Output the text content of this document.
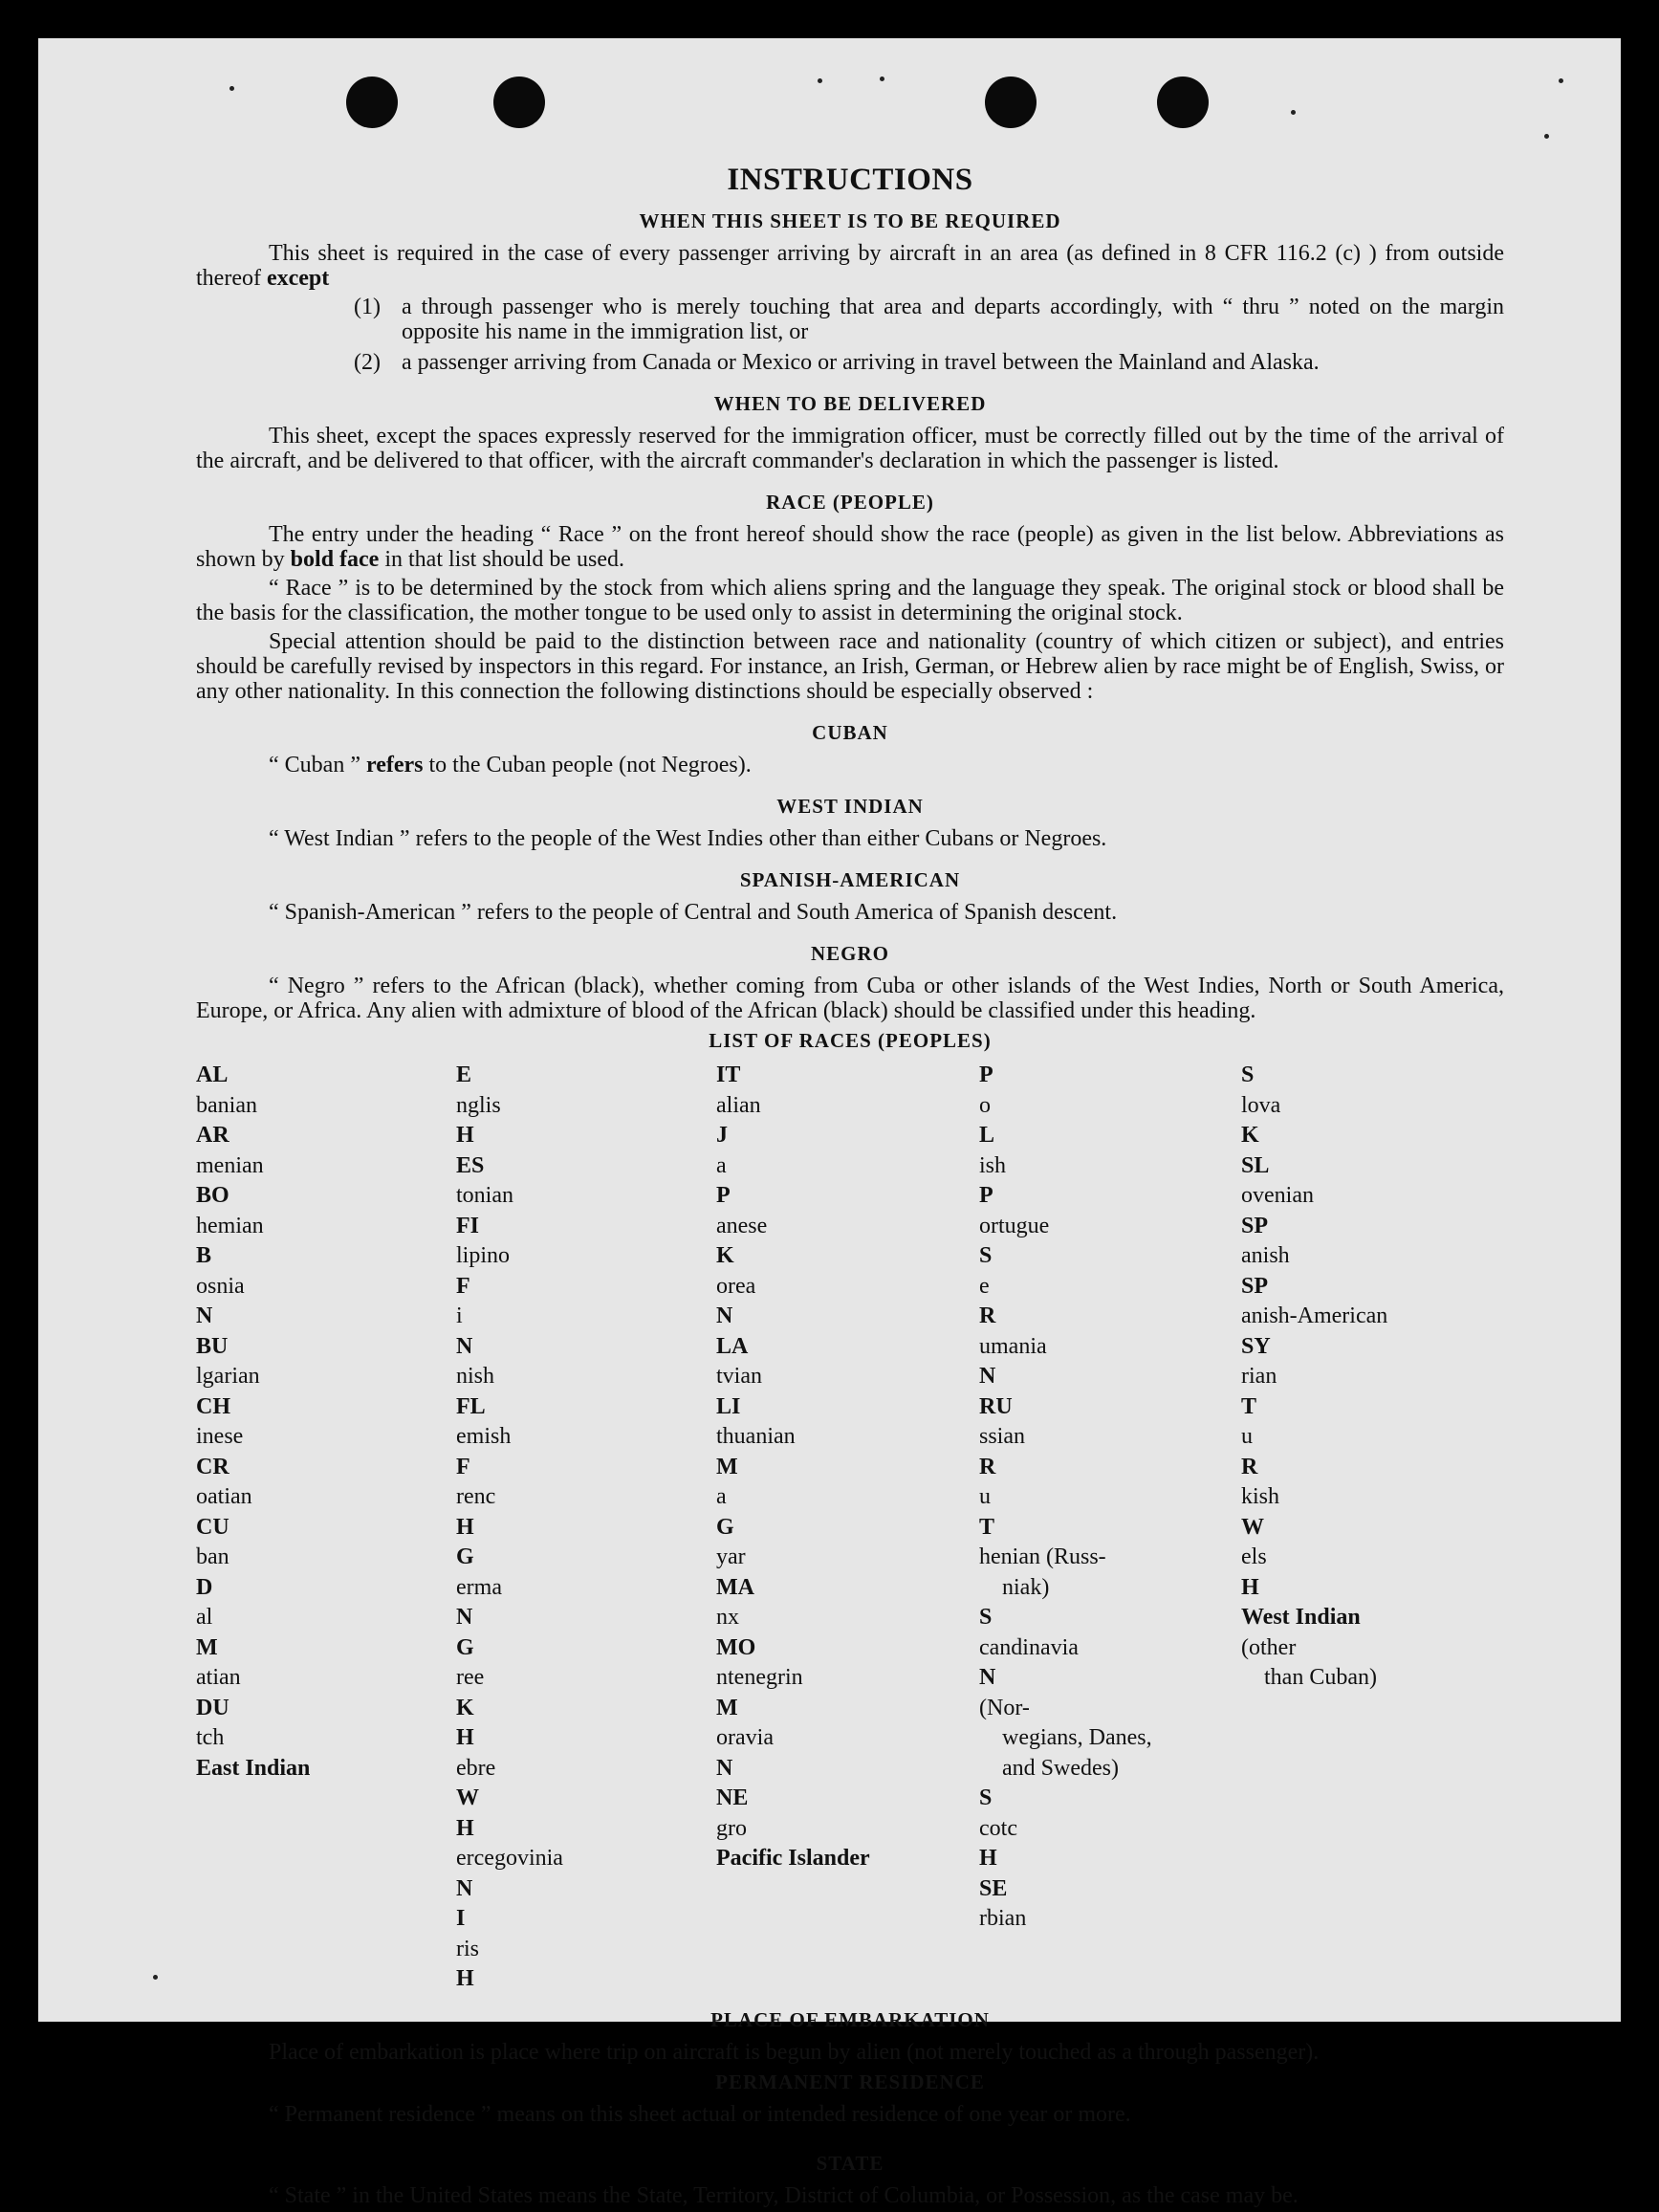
INSTRUCTIONS
WHEN THIS SHEET IS TO BE REQUIRED

This sheet is required in the case of every passenger arriving by aircraft in an area (as defined in 8 CFR 116.2 (c) ) from outside thereof except

(1) a through passenger who is merely touching that area and departs accordingly, with “ thru ” noted on the margin opposite his name in the immigration list, or
(2) a passenger arriving from Canada or Mexico or arriving in travel between the Mainland and Alaska.
WHEN TO BE DELIVERED

This sheet, except the spaces expressly reserved for the immigration officer, must be correctly filled out by the time of the arrival of the aircraft, and be delivered to that officer, with the aircraft commander's declaration in which the passenger is listed.

RACE (PEOPLE)

The entry under the heading “ Race ” on the front hereof should show the race (people) as given in the list below. Abbreviations as shown by bold face in that list should be used.

“ Race ” is to be determined by the stock from which aliens spring and the language they speak. The original stock or blood shall be the basis for the classification, the mother tongue to be used only to assist in determining the original stock.

Special attention should be paid to the distinction between race and nationality (country of which citizen or subject), and entries should be carefully revised by inspectors in this regard. For instance, an Irish, German, or Hebrew alien by race might be of English, Swiss, or any other nationality. In this connection the following distinctions should be especially observed :

CUBAN
“ Cuban ” refers to the Cuban people (not Negroes).
WEST INDIAN
“ West Indian ” refers to the people of the West Indies other than either Cubans or Negroes.
SPANISH-AMERICAN
“ Spanish-American ” refers to the people of Central and South America of Spanish descent.
NEGRO

“ Negro ” refers to the African (black), whether coming from Cuba or other islands of the West Indies, North or South America, Europe, or Africa. Any alien with admixture of blood of the African (black) should be classified under this heading.

LIST OF RACES (PEOPLES)
AL
banian
AR
menian
BO
hemian
B
osnia
N
BU
lgarian
CH
inese
CR
oatian
CU
ban
D
al
M
atian
DU
tch
East Indian
E
nglis
H
ES
tonian
FI
lipino
F
i
N
nish
FL
emish
F
renc
H
G
erma
N
G
ree
K
H
ebre
W
H
ercegovinia
N
I
ris
H
IT
alian
J
a
P
anese
K
orea
N
LA
tvian
LI
thuanian
M
a
G
yar
MA
nx
MO
ntenegrin
M
oravia
N
NE
gro
Pacific Islander
P
o
L
ish
P
ortugue
S
e
R
umania
N
RU
ssian
R
u
T
henian (Russ-
niak)
S
candinavia
N
(Nor-
wegians, Danes,
and Swedes)
S
cotc
H
SE
rbian
S
lova
K
SL
ovenian
SP
anish
SP
anish-American
SY
rian
T
u
R
kish
W
els
H
West Indian
(other
than Cuban)
PLACE OF EMBARKATION

Place of embarkation is place where trip on aircraft is begun by alien (not merely touched as a through passenger).

PERMANENT RESIDENCE
“ Permanent residence ” means on this sheet actual or intended residence of one year or more.
STATE

“ State ” in the United States means the State, Territory, District of Columbia, or Possession, as the case may be.
